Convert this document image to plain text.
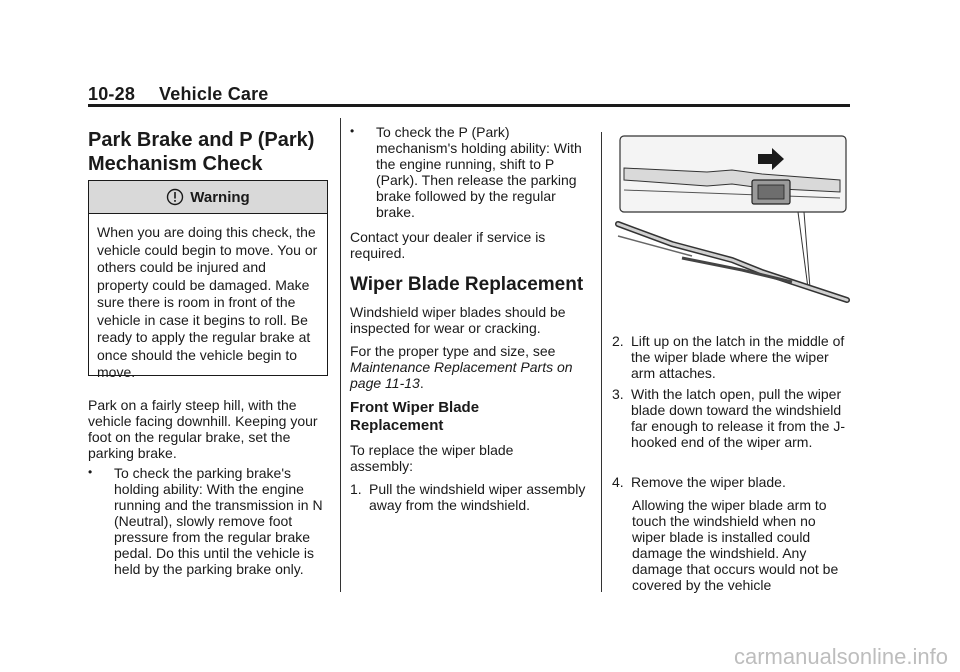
10-28 Vehicle Care
Park Brake and P (Park) Mechanism Check
Warning
When you are doing this check, the vehicle could begin to move. You or others could be injured and property could be damaged. Make sure there is room in front of the vehicle in case it begins to roll. Be ready to apply the regular brake at once should the vehicle begin to move.
Park on a fairly steep hill, with the vehicle facing downhill. Keeping your foot on the regular brake, set the parking brake.
• To check the parking brake's holding ability: With the engine running and the transmission in N (Neutral), slowly remove foot pressure from the regular brake pedal. Do this until the vehicle is held by the parking brake only.
• To check the P (Park) mechanism's holding ability: With the engine running, shift to P (Park). Then release the parking brake followed by the regular brake.
Contact your dealer if service is required.
Wiper Blade Replacement
Windshield wiper blades should be inspected for wear or cracking.
For the proper type and size, see Maintenance Replacement Parts on page 11-13.
Front Wiper Blade Replacement
To replace the wiper blade assembly:
1. Pull the windshield wiper assembly away from the windshield.
2. Lift up on the latch in the middle of the wiper blade where the wiper arm attaches.
3. With the latch open, pull the wiper blade down toward the windshield far enough to release it from the J-hooked end of the wiper arm.
4. Remove the wiper blade.
Allowing the wiper blade arm to touch the windshield when no wiper blade is installed could damage the windshield. Any damage that occurs would not be covered by the vehicle
carmanualsonline.info
